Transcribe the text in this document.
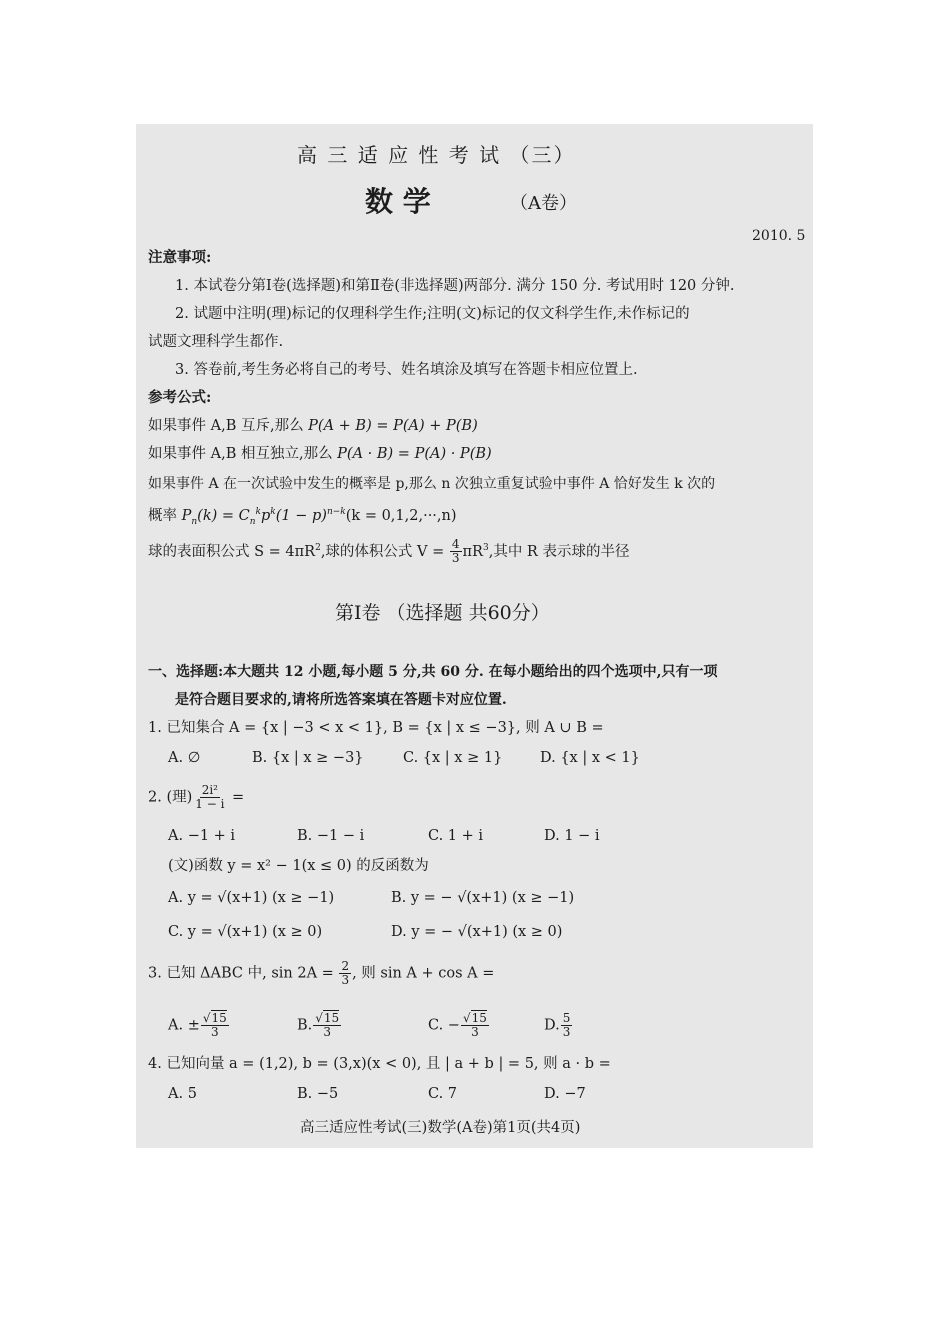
高 三 适 应 性 考 试 （三）
数 学	（A卷）
2010. 5
注意事项:
1. 本试卷分第Ⅰ卷(选择题)和第Ⅱ卷(非选择题)两部分. 满分 150 分. 考试用时 120 分钟.
2. 试题中注明(理)标记的仅理科学生作;注明(文)标记的仅文科学生作,未作标记的
试题文理科学生都作.
3. 答卷前,考生务必将自己的考号、姓名填涂及填写在答题卡相应位置上.
参考公式:
如果事件 A,B 互斥,那么 P(A + B) = P(A) + P(B)
如果事件 A,B 相互独立,那么 P(A · B) = P(A) · P(B)
如果事件 A 在一次试验中发生的概率是 p,那么 n 次独立重复试验中事件 A 恰好发生 k 次的
概率 $P_n(k) = C_n^kp^k(1 - p)^{n-k}(k = 0,1,2,\cdot\cdot\cdot,n)$
球的表面积公式 $S = 4\pi R^2$,球的体积公式 $V = \frac{4}{3} \pi R^3$,其中 R 表示球的半径
第Ⅰ卷 （选择题 共60分）
一、选择题:本大题共 12 小题,每小题 5 分,共 60 分. 在每小题给出的四个选项中,只有一项
是符合题目要求的,请将所选答案填在答题卡对应位置.
1. 已知集合 A = {x | −3 < x < 1}, B = {x | x ≤ −3}, 则 A ∪ B =
A. ∅	B. {x | x ≥ −3}	C. {x | x ≥ 1}	D. {x | x < 1}
2. (理) $\frac{\text{2i²}}{1 - i}$ =
A. −1 + i	B. −1 − i	C. 1 + i	D. 1 − i
(文)函数 y = x² − 1(x ≤ 0) 的反函数为
A. y = √(x+1) (x ≥ −1)	B. y = − √(x+1) (x ≥ −1)
C. y = √(x+1) (x ≥ 0)	D. y = − √(x+1) (x ≥ 0)
3. 已知 ΔABC 中, $\sin 2A = \frac{2}{3}$ , 则 sin A + cos A =
A. ± $\frac{√15}{3}$	B. $\frac{√15}{3}$	C. − $\frac{√15}{3}$	D. $\frac{5}{3}$
4. 已知向量 a = (1,2), b = (3,x)(x < 0), 且 | a + b | = 5, 则 a · b =
A. 5	B. −5	C. 7	D. −7
高三适应性考试(三)数学(A卷)第1页(共4页)
